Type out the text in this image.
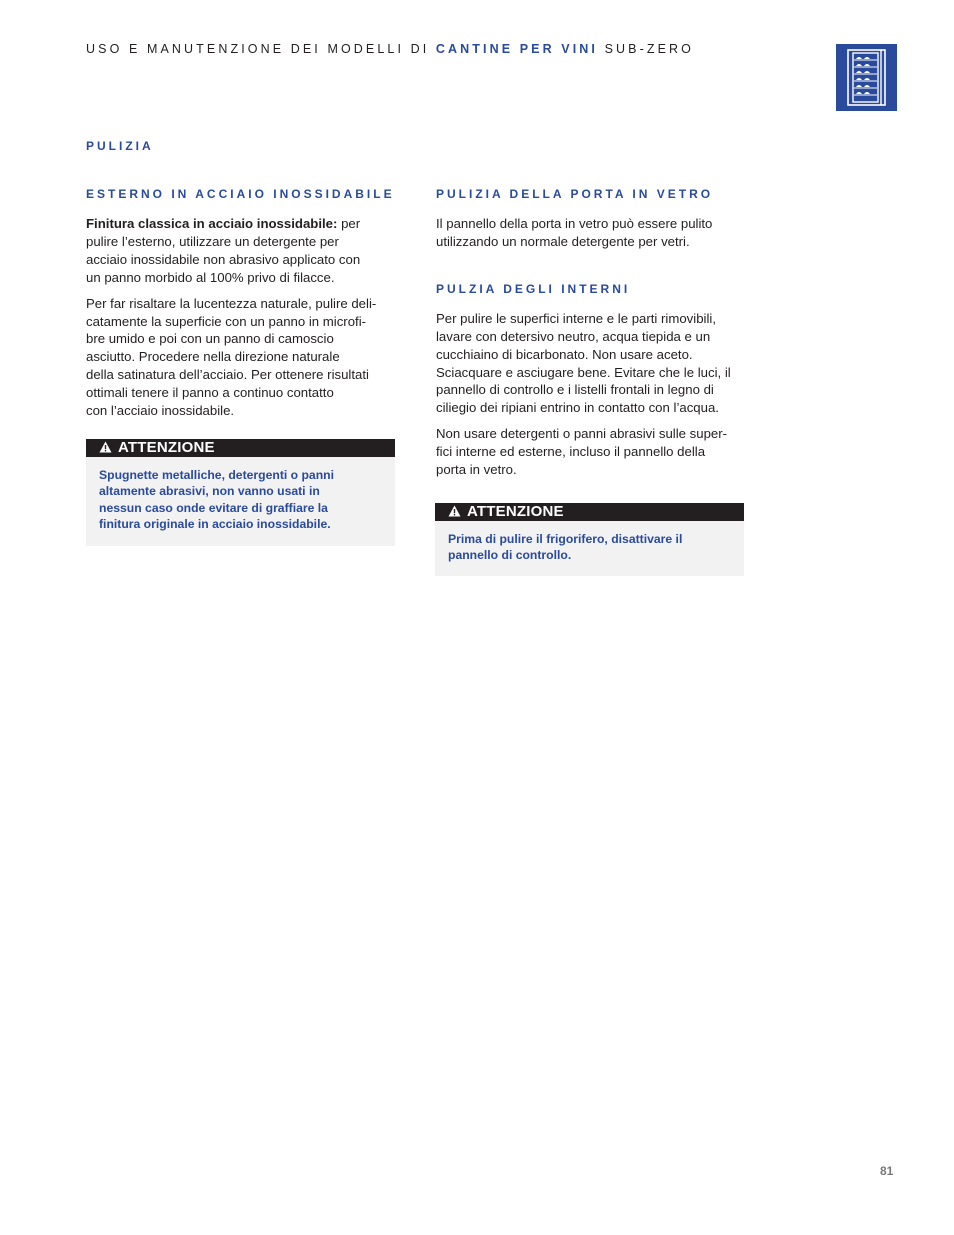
USO E MANUTENZIONE DEI MODELLI DI CANTINE PER VINI SUB-ZERO
PULIZIA
ESTERNO IN ACCIAIO INOSSIDABILE

Finitura classica in acciaio inossidabile: per
pulire l’esterno, utilizzare un detergente per
acciaio inossidabile non abrasivo applicato con
un panno morbido al 100% privo di filacce.

Per far risaltare la lucentezza naturale, pulire deli-
catamente la superficie con un panno in microfi-
bre umido e poi con un panno di camoscio
asciutto. Procedere nella direzione naturale
della satinatura dell’acciaio. Per ottenere risultati
ottimali tenere il panno a continuo contatto
con l’acciaio inossidabile.

ATTENZIONE
Spugnette metalliche, detergenti o panni
altamente abrasivi, non vanno usati in
nessun caso onde evitare di graffiare la
finitura originale in acciaio inossidabile.
PULIZIA DELLA PORTA IN VETRO

Il pannello della porta in vetro può essere pulito
utilizzando un normale detergente per vetri.

PULZIA DEGLI INTERNI

Per pulire le superfici interne e le parti rimovibili,
lavare con detersivo neutro, acqua tiepida e un
cucchiaino di bicarbonato. Non usare aceto.
Sciacquare e asciugare bene. Evitare che le luci, il
pannello di controllo e i listelli frontali in legno di
ciliegio dei ripiani entrino in contatto con l’acqua.

Non usare detergenti o panni abrasivi sulle super-
fici interne ed esterne, incluso il pannello della
porta in vetro.

ATTENZIONE
Prima di pulire il frigorifero, disattivare il
pannello di controllo.
81
